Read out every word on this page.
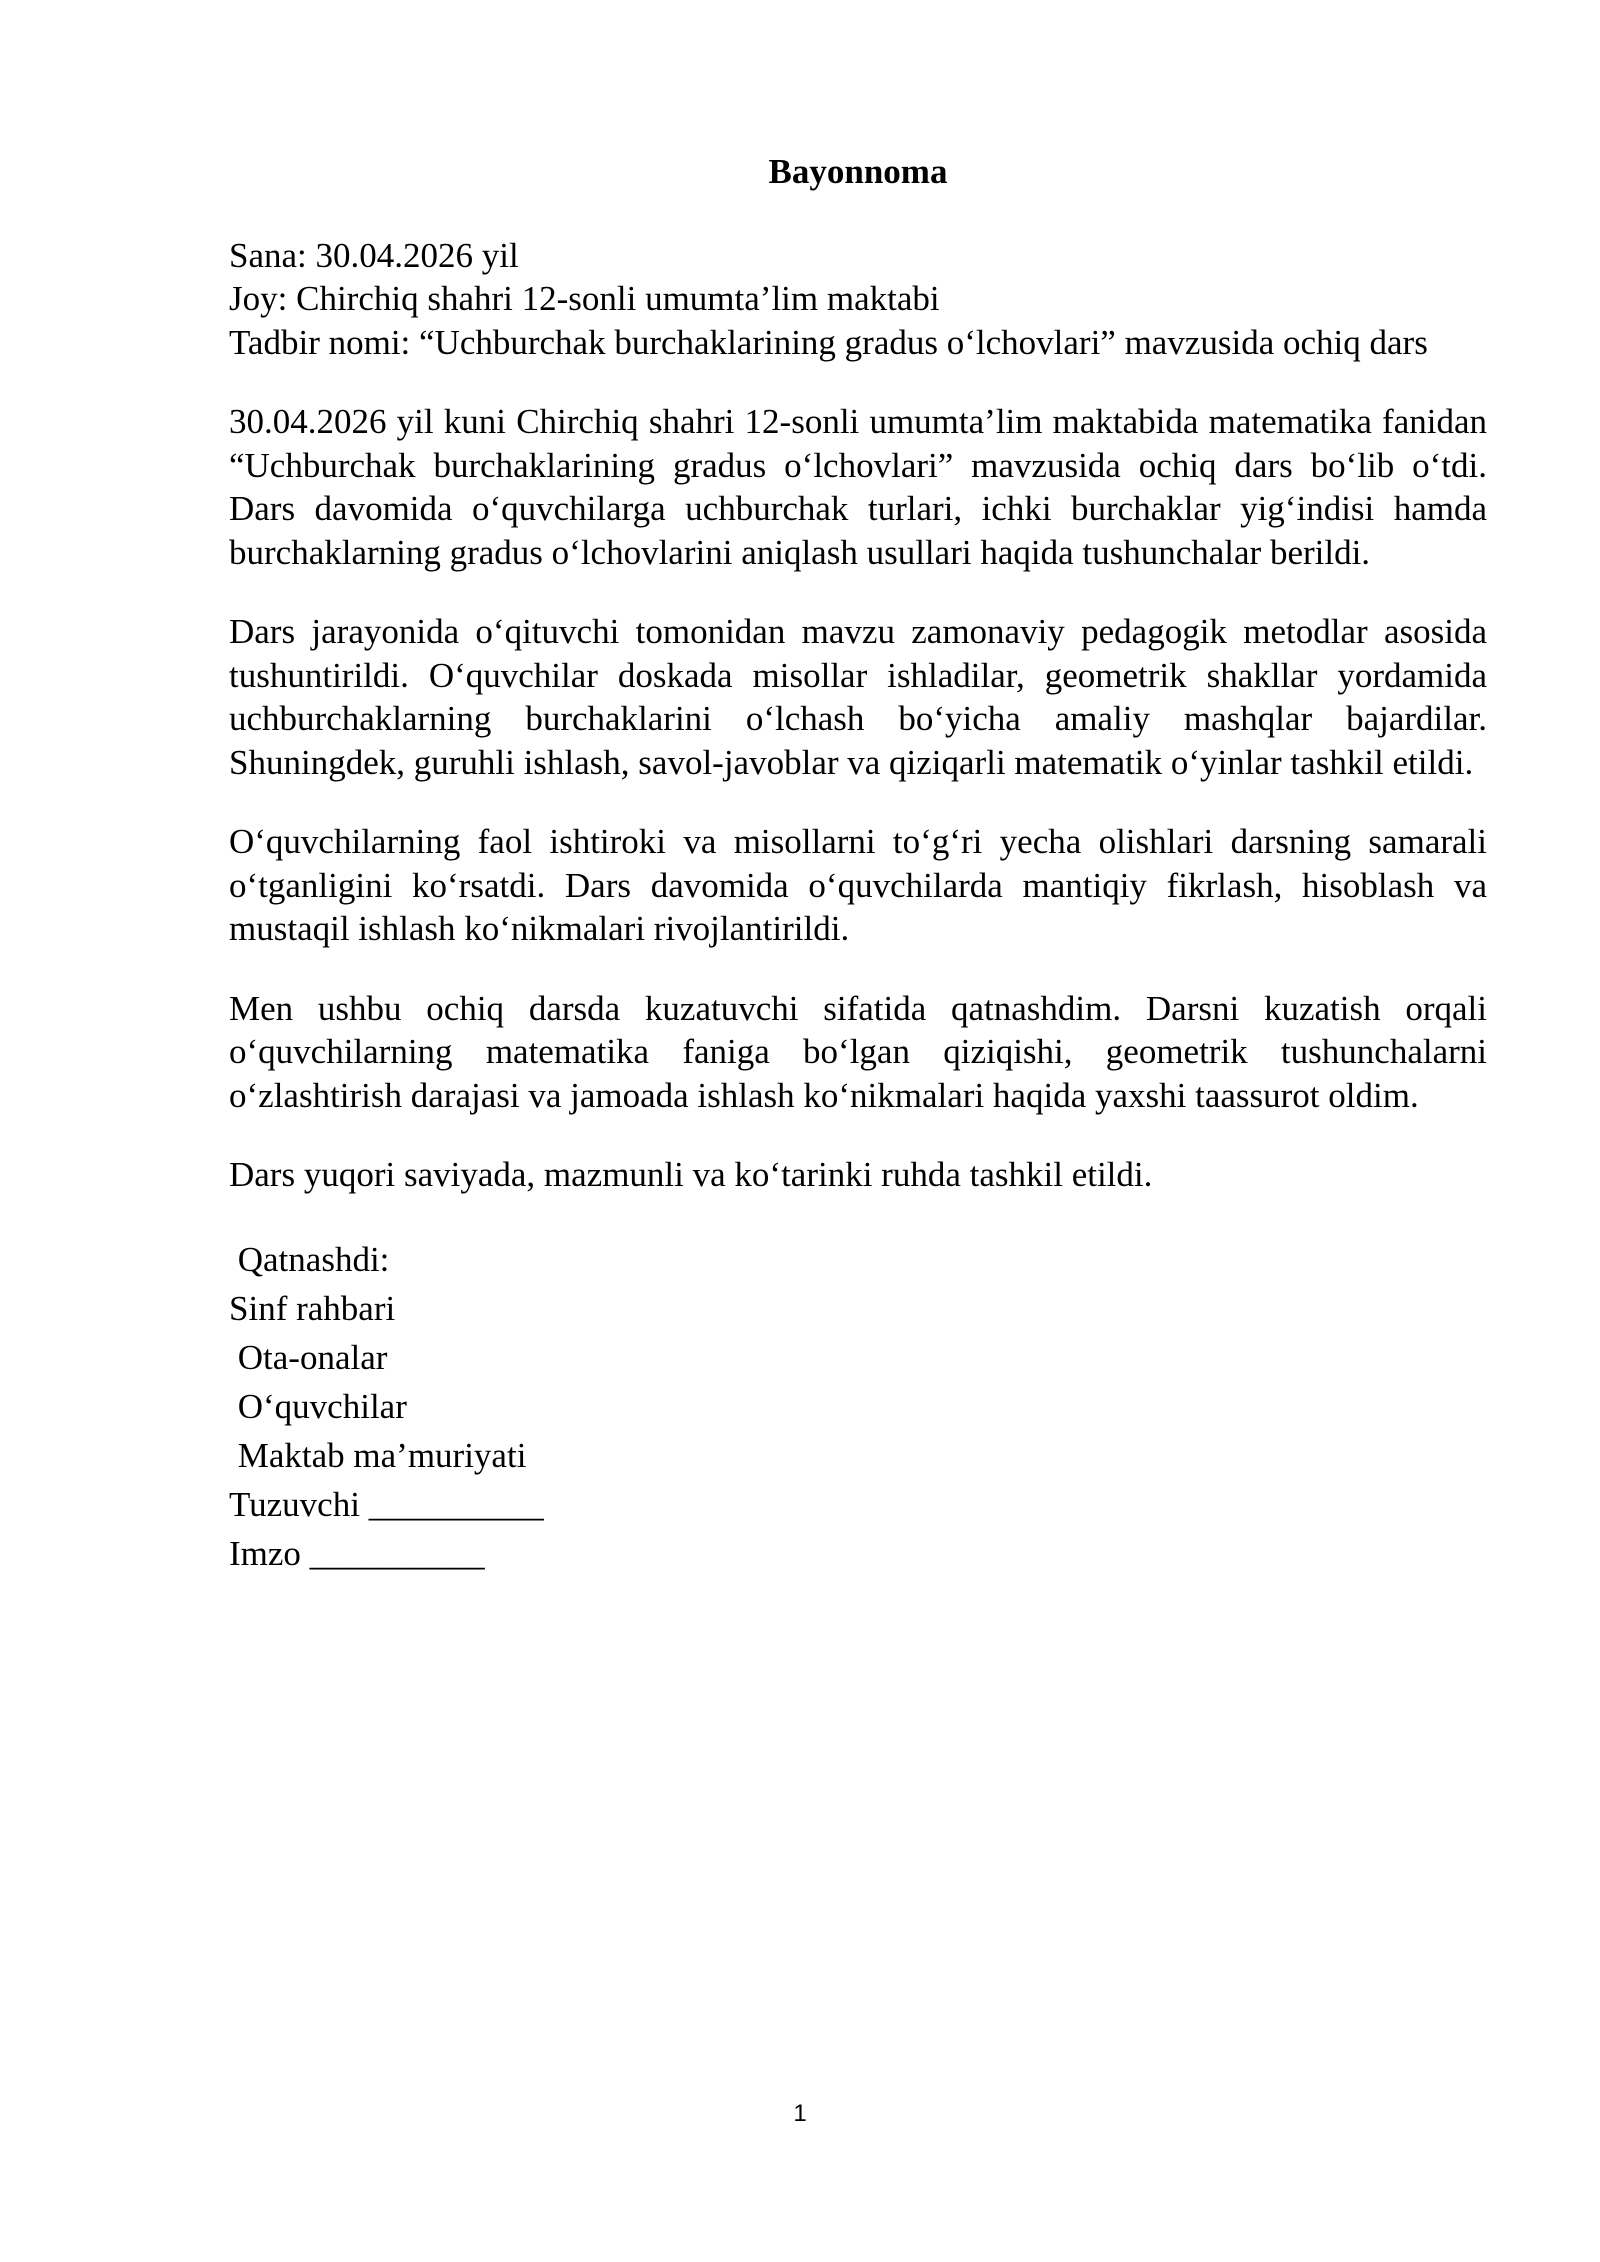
Bayonnoma

Sana: 30.04.2026 yil

Joy: Chirchiq shahri 12-sonli umumta’lim maktabi

Tadbir nomi: “Uchburchak burchaklarining gradus o‘lchovlari” mavzusida ochiq dars

30.04.2026 yil kuni Chirchiq shahri 12-sonli umumta’lim maktabida matematika fanidan “Uchburchak burchaklarining gradus o‘lchovlari” mavzusida ochiq dars bo‘lib o‘tdi. Dars davomida o‘quvchilarga uchburchak turlari, ichki burchaklar yig‘indisi hamda burchaklarning gradus o‘lchovlarini aniqlash usullari haqida tushunchalar berildi.

Dars jarayonida o‘qituvchi tomonidan mavzu zamonaviy pedagogik metodlar asosida tushuntirildi. O‘quvchilar doskada misollar ishladilar, geometrik shakllar yordamida uchburchaklarning burchaklarini o‘lchash bo‘yicha amaliy mashqlar bajardilar. Shuningdek, guruhli ishlash, savol-javoblar va qiziqarli matematik o‘yinlar tashkil etildi.

O‘quvchilarning faol ishtiroki va misollarni to‘g‘ri yecha olishlari darsning samarali o‘tganligini ko‘rsatdi. Dars davomida o‘quvchilarda mantiqiy fikrlash, hisoblash va mustaqil ishlash ko‘nikmalari rivojlantirildi.

Men ushbu ochiq darsda kuzatuvchi sifatida qatnashdim. Darsni kuzatish orqali o‘quvchilarning matematika faniga bo‘lgan qiziqishi, geometrik tushunchalarni o‘zlashtirish darajasi va jamoada ishlash ko‘nikmalari haqida yaxshi taassurot oldim.

Dars yuqori saviyada, mazmunli va ko‘tarinki ruhda tashkil etildi.

Qatnashdi:
Sinf rahbari
Ota-onalar
O‘quvchilar
Maktab ma’muriyati
Tuzuvchi __________
Imzo __________
1
